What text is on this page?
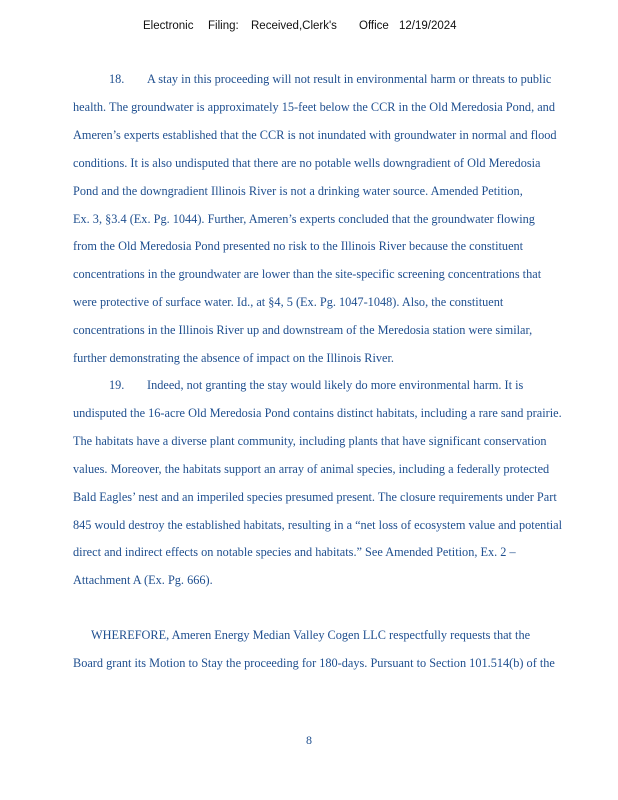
Electronic Filing: Received,Clerk's Office 12/19/2024
18. A stay in this proceeding will not result in environmental harm or threats to public
health. The groundwater is approximately 15-feet below the CCR in the Old Meredosia Pond, and
Ameren’s experts established that the CCR is not inundated with groundwater in normal and flood
conditions. It is also undisputed that there are no potable wells downgradient of Old Meredosia
Pond and the downgradient Illinois River is not a drinking water source. Amended Petition,
Ex. 3, §3.4 (Ex. Pg. 1044). Further, Ameren’s experts concluded that the groundwater flowing
from the Old Meredosia Pond presented no risk to the Illinois River because the constituent
concentrations in the groundwater are lower than the site-specific screening concentrations that
were protective of surface water. Id., at §4, 5 (Ex. Pg. 1047-1048). Also, the constituent
concentrations in the Illinois River up and downstream of the Meredosia station were similar,
further demonstrating the absence of impact on the Illinois River.
19. Indeed, not granting the stay would likely do more environmental harm. It is
undisputed the 16-acre Old Meredosia Pond contains distinct habitats, including a rare sand prairie.
The habitats have a diverse plant community, including plants that have significant conservation
values. Moreover, the habitats support an array of animal species, including a federally protected
Bald Eagles’ nest and an imperiled species presumed present. The closure requirements under Part
845 would destroy the established habitats, resulting in a “net loss of ecosystem value and potential
direct and indirect effects on notable species and habitats.” See Amended Petition, Ex. 2 –
Attachment A (Ex. Pg. 666).
WHEREFORE, Ameren Energy Median Valley Cogen LLC respectfully requests that the
Board grant its Motion to Stay the proceeding for 180-days. Pursuant to Section 101.514(b) of the
8
